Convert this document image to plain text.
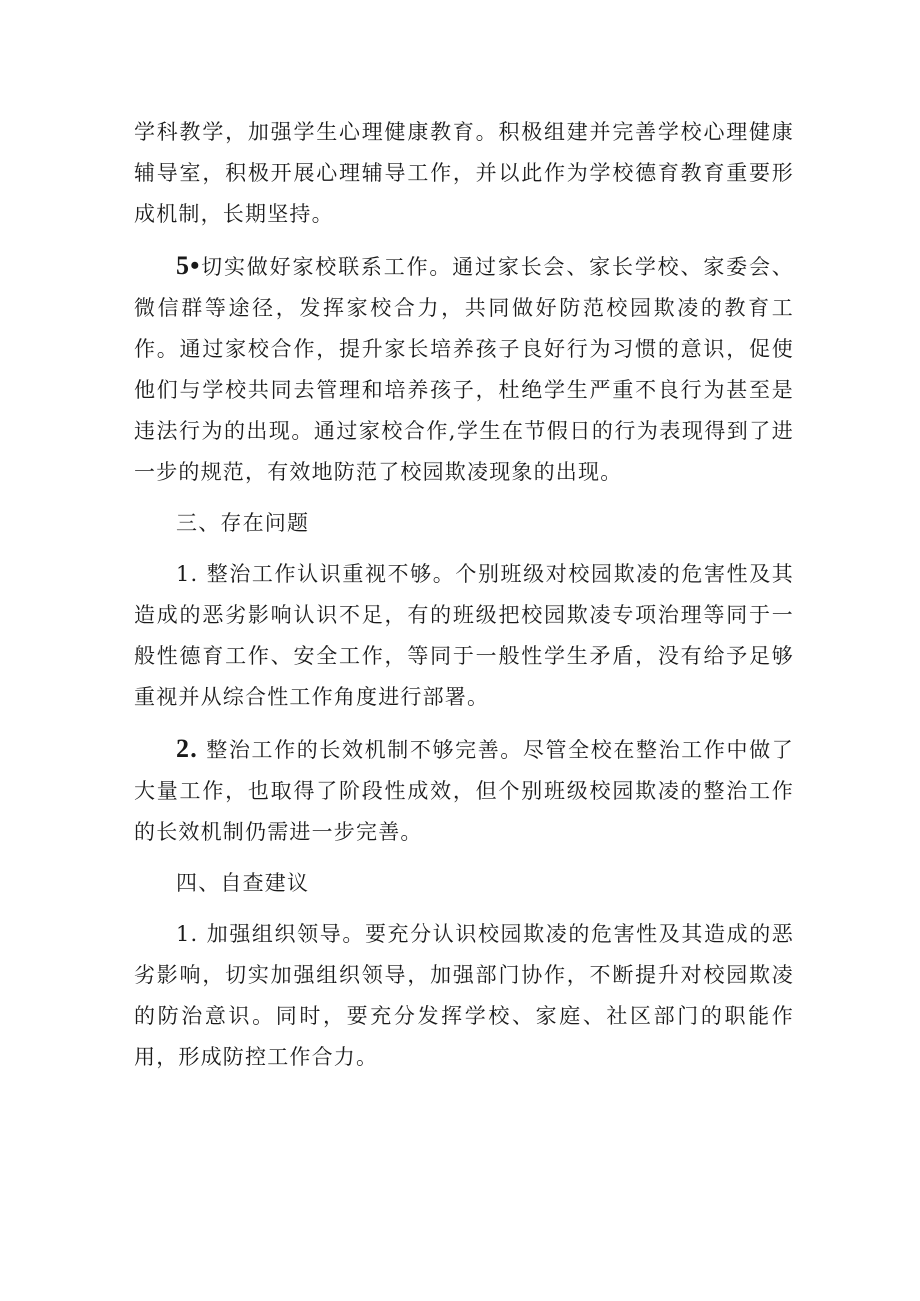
学科教学，加强学生心理健康教育。积极组建并完善学校心理健康辅导室，积极开展心理辅导工作，并以此作为学校德育教育重要形成机制，长期坚持。

5•切实做好家校联系工作。通过家长会、家长学校、家委会、微信群等途径，发挥家校合力，共同做好防范校园欺凌的教育工作。通过家校合作，提升家长培养孩子良好行为习惯的意识，促使他们与学校共同去管理和培养孩子，杜绝学生严重不良行为甚至是违法行为的出现。通过家校合作,学生在节假日的行为表现得到了进一步的规范，有效地防范了校园欺凌现象的出现。

三、存在问题

1. 整治工作认识重视不够。个别班级对校园欺凌的危害性及其造成的恶劣影响认识不足，有的班级把校园欺凌专项治理等同于一般性德育工作、安全工作，等同于一般性学生矛盾，没有给予足够重视并从综合性工作角度进行部署。

2. 整治工作的长效机制不够完善。尽管全校在整治工作中做了大量工作，也取得了阶段性成效，但个别班级校园欺凌的整治工作的长效机制仍需进一步完善。

四、自查建议

1. 加强组织领导。要充分认识校园欺凌的危害性及其造成的恶劣影响，切实加强组织领导，加强部门协作，不断提升对校园欺凌的防治意识。同时，要充分发挥学校、家庭、社区部门的职能作用，形成防控工作合力。
